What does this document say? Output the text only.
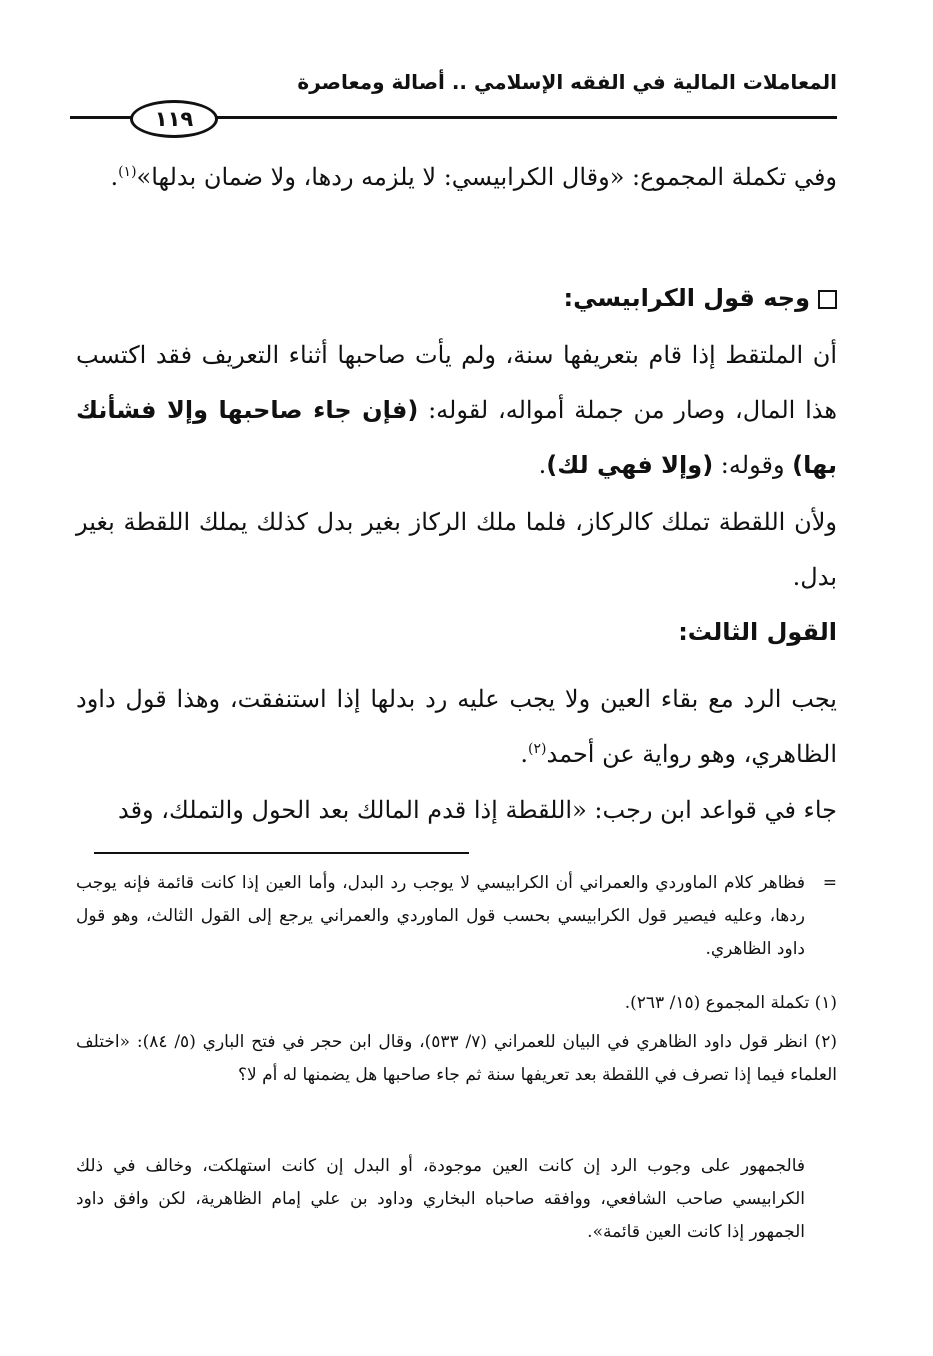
المعاملات المالية في الفقه الإسلامي .. أصالة ومعاصرة
١١٩
وفي تكملة المجموع: «وقال الكرابيسي: لا يلزمه ردها، ولا ضمان بدلها»$^{(١)}$.
وجه قول الكرابيسي:
أن الملتقط إذا قام بتعريفها سنة، ولم يأت صاحبها أثناء التعريف فقد اكتسب هذا المال، وصار من جملة أمواله، لقوله: (فإن جاء صاحبها وإلا فشأنك بها) وقوله: (وإلا فهي لك).
ولأن اللقطة تملك كالركاز، فلما ملك الركاز بغير بدل كذلك يملك اللقطة بغير بدل.
القول الثالث:
يجب الرد مع بقاء العين ولا يجب عليه رد بدلها إذا استنفقت، وهذا قول داود الظاهري، وهو رواية عن أحمد$^{(٢)}$.
جاء في قواعد ابن رجب: «اللقطة إذا قدم المالك بعد الحول والتملك، وقد
=
فظاهر كلام الماوردي والعمراني أن الكرابيسي لا يوجب رد البدل، وأما العين إذا كانت قائمة فإنه يوجب ردها، وعليه فيصير قول الكرابيسي بحسب قول الماوردي والعمراني يرجع إلى القول الثالث، وهو قول داود الظاهري.
(١) تكملة المجموع (١٥/ ٢٦٣).
(٢) انظر قول داود الظاهري في البيان للعمراني (٧/ ٥٣٣)، وقال ابن حجر في فتح الباري (٥/ ٨٤): «اختلف العلماء فيما إذا تصرف في اللقطة بعد تعريفها سنة ثم جاء صاحبها هل يضمنها له أم لا؟
فالجمهور على وجوب الرد إن كانت العين موجودة، أو البدل إن كانت استهلكت، وخالف في ذلك الكرابيسي صاحب الشافعي، ووافقه صاحباه البخاري وداود بن علي إمام الظاهرية، لكن وافق داود الجمهور إذا كانت العين قائمة».
